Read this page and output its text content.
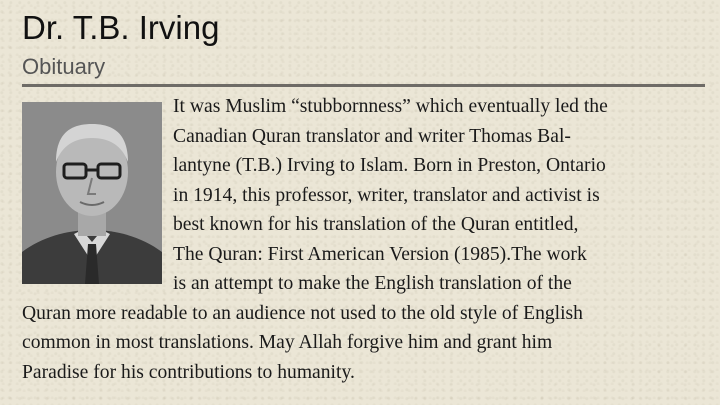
Dr. T.B. Irving
Obituary
It was Muslim “stubbornness” which eventually led the
Canadian Quran translator and writer Thomas Bal-
lantyne (T.B.) Irving to Islam. Born in Preston, Ontario
in 1914, this professor, writer, translator and activist is
best known for his translation of the Quran entitled,
The Quran: First American Version (1985).The work
is an attempt to make the English translation of the
Quran more readable to an audience not used to the old style of English
common in most translations. May Allah forgive him and grant him
Paradise for his contributions to humanity.
